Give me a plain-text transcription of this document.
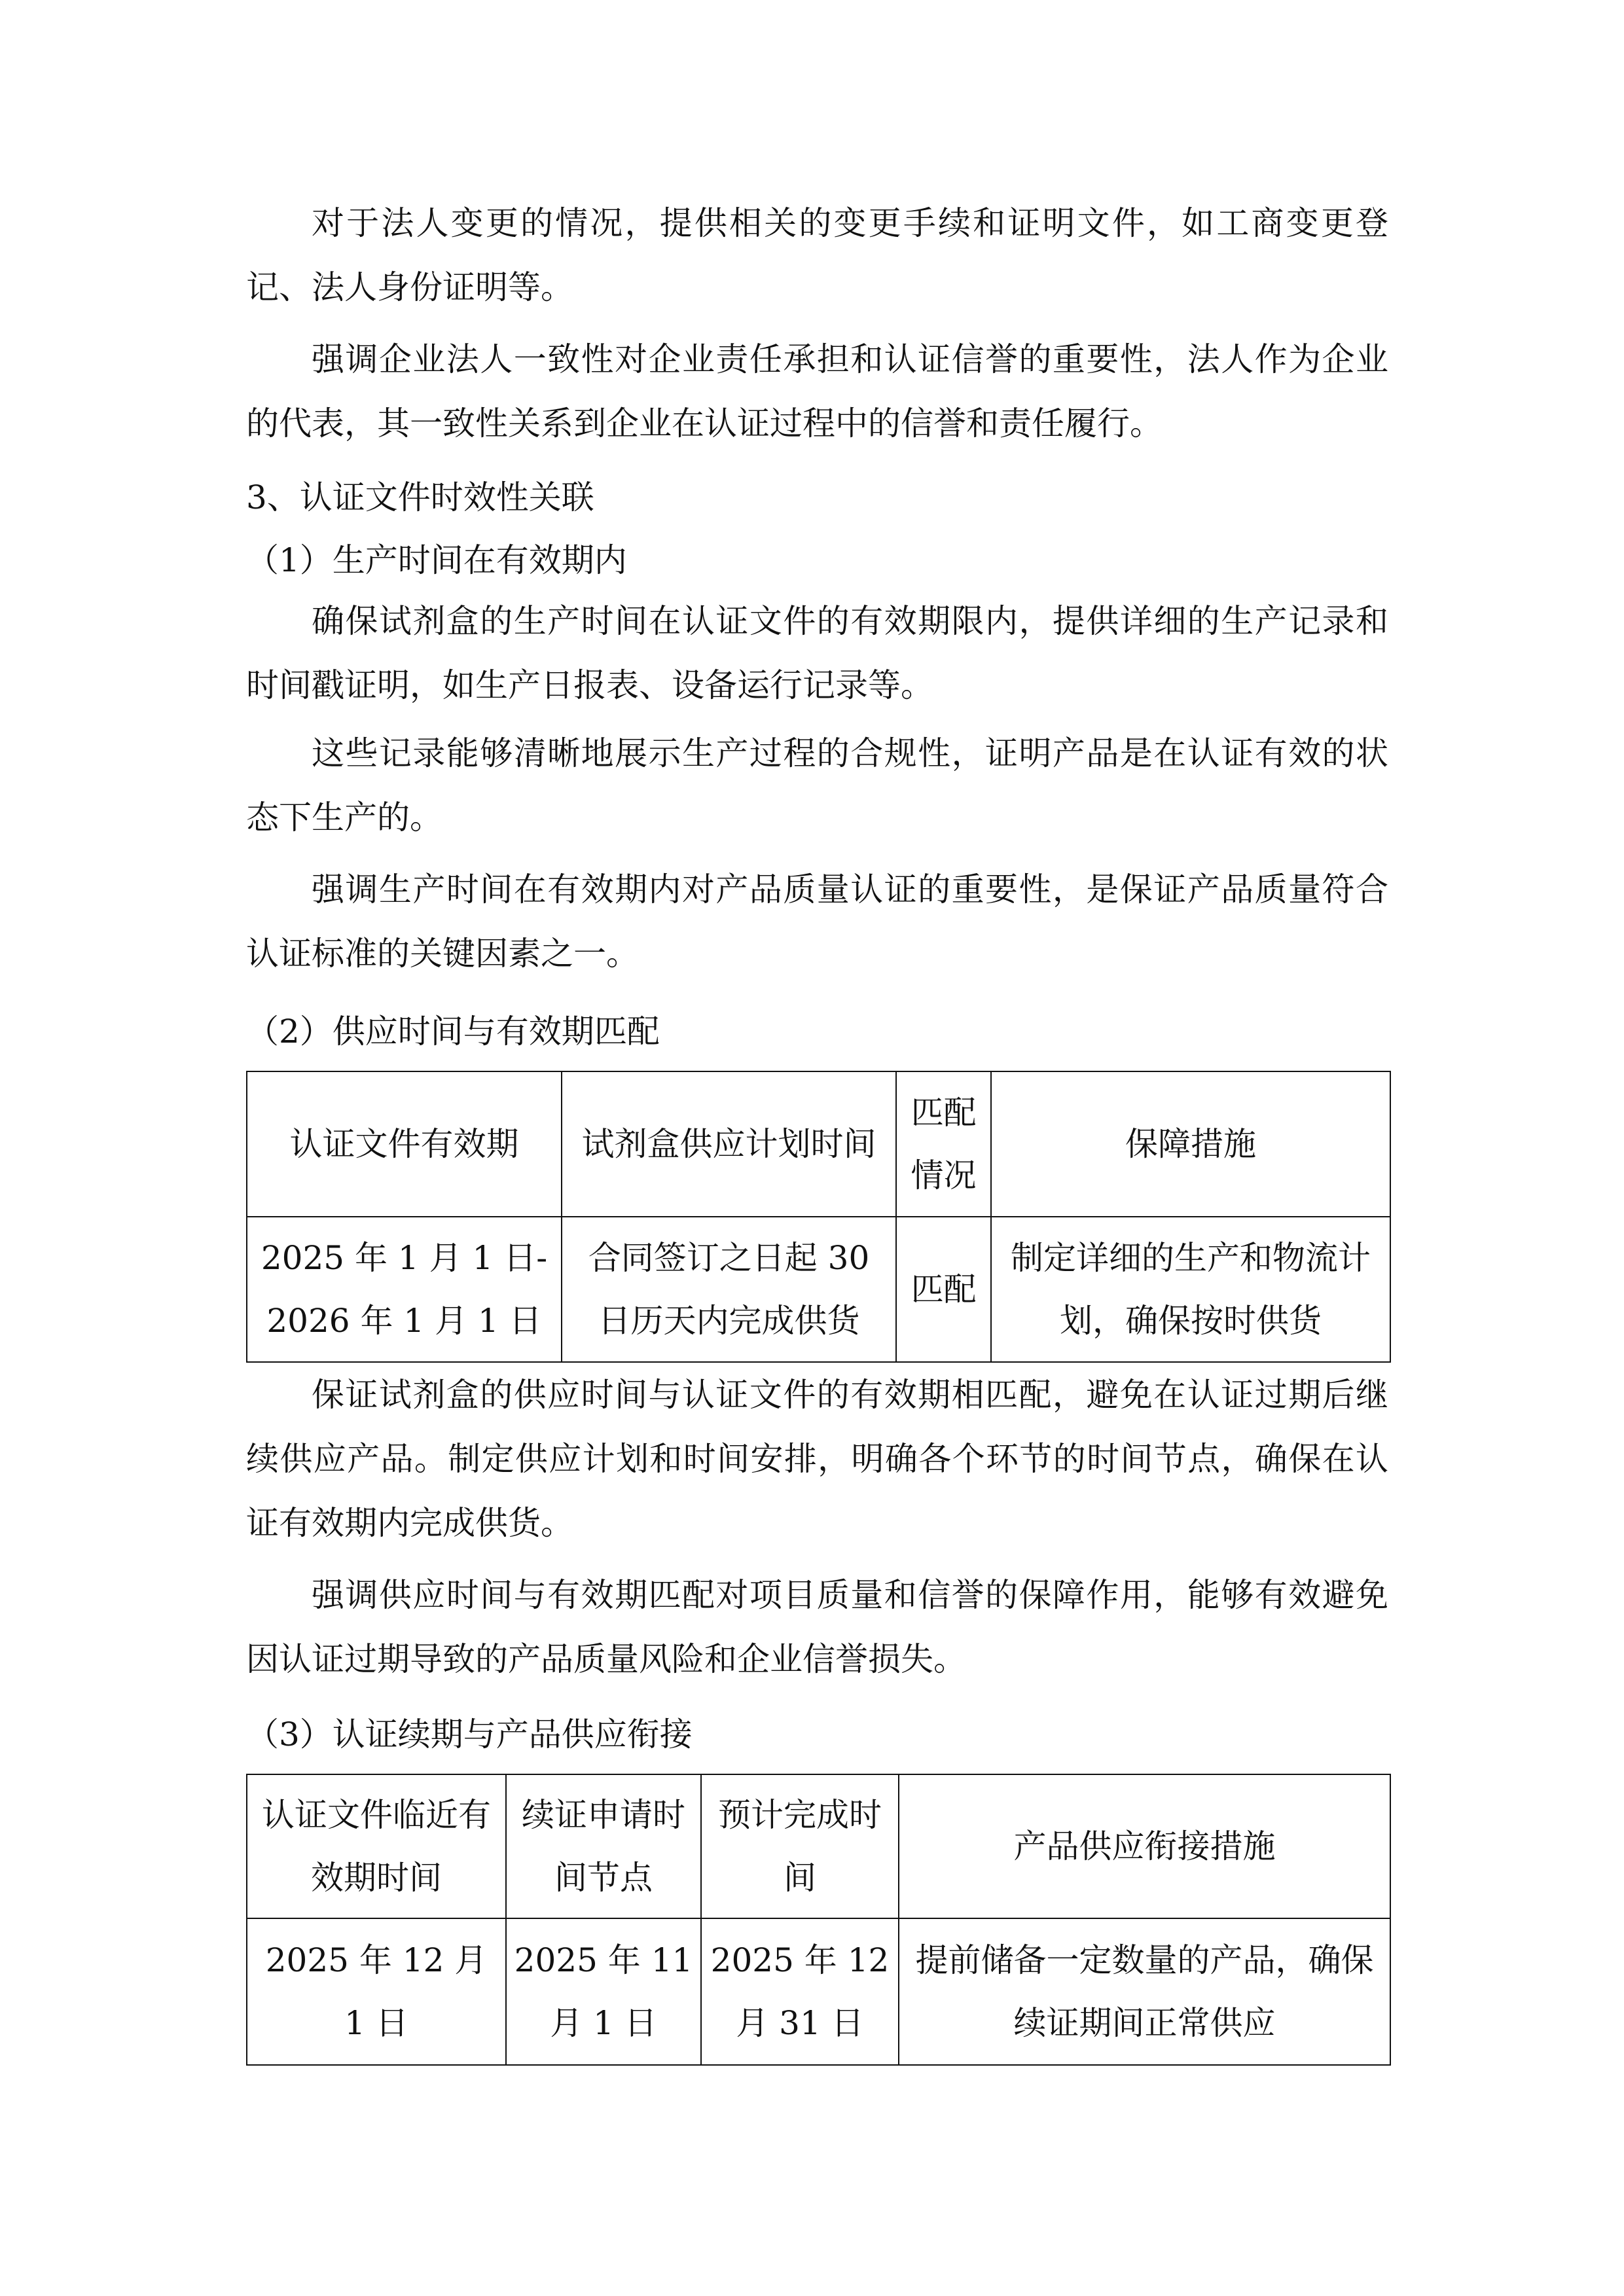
对于法人变更的情况，提供相关的变更手续和证明文件，如工商变更登记、法人身份证明等。

强调企业法人一致性对企业责任承担和认证信誉的重要性，法人作为企业的代表，其一致性关系到企业在认证过程中的信誉和责任履行。

3、认证文件时效性关联
（1）生产时间在有效期内

确保试剂盒的生产时间在认证文件的有效期限内，提供详细的生产记录和时间戳证明，如生产日报表、设备运行记录等。

这些记录能够清晰地展示生产过程的合规性，证明产品是在认证有效的状态下生产的。

强调生产时间在有效期内对产品质量认证的重要性，是保证产品质量符合认证标准的关键因素之一。

（2）供应时间与有效期匹配
认证文件有效期	试剂盒供应计划时间	匹配情况	保障措施
2025 年 1 月 1 日-2026 年 1 月 1 日	合同签订之日起 30 日历天内完成供货	匹配	制定详细的生产和物流计划，确保按时供货

保证试剂盒的供应时间与认证文件的有效期相匹配，避免在认证过期后继续供应产品。制定供应计划和时间安排，明确各个环节的时间节点，确保在认证有效期内完成供货。

强调供应时间与有效期匹配对项目质量和信誉的保障作用，能够有效避免因认证过期导致的产品质量风险和企业信誉损失。

（3）认证续期与产品供应衔接
认证文件临近有效期时间	续证申请时间节点	预计完成时间	产品供应衔接措施
2025 年 12 月 1 日	2025 年 11 月 1 日	2025 年 12 月 31 日	提前储备一定数量的产品，确保续证期间正常供应
